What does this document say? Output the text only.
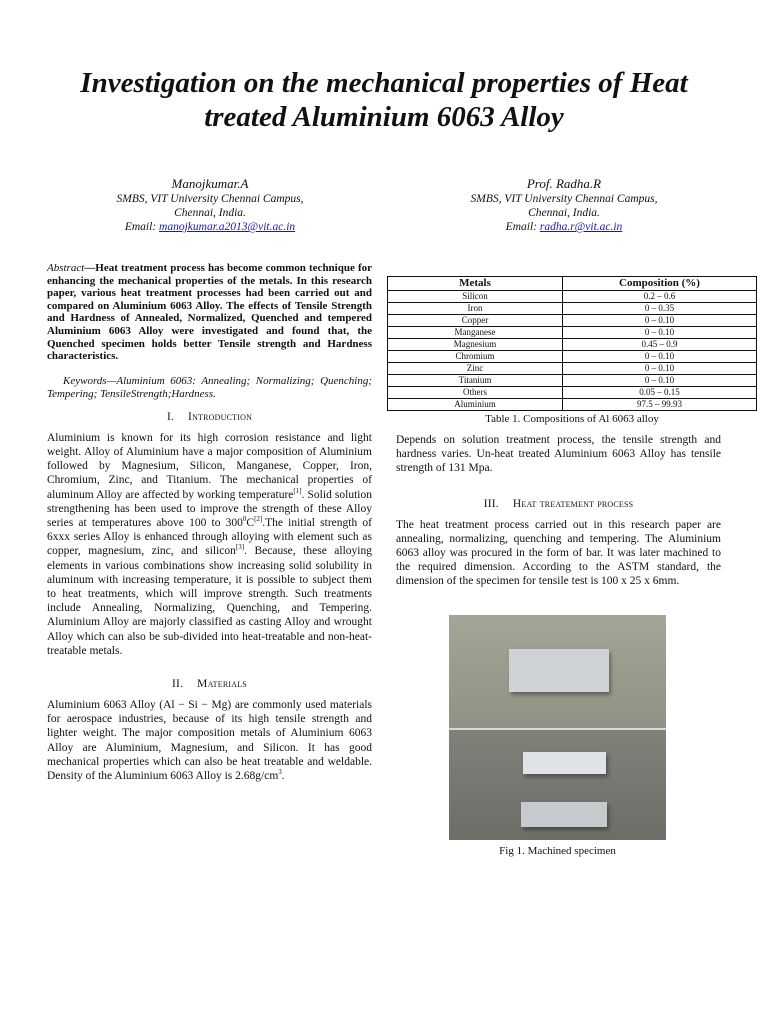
Investigation on the mechanical properties of Heat
treated Aluminium 6063 Alloy
Manojkumar.A
SMBS, VIT University Chennai Campus,
Chennai, India.
Email: manojkumar.a2013@vit.ac.in
Prof. Radha.R
SMBS, VIT University Chennai Campus,
Chennai, India.
Email: radha.r@vit.ac.in

Abstract—Heat treatment process has become common technique for enhancing the mechanical properties of the metals. In this research paper, various heat treatment processes had been carried out and compared on Aluminium 6063 Alloy. The effects of Tensile Strength and Hardness of Annealed, Normalized, Quenched and tempered Aluminium 6063 Alloy were investigated and found that, the Quenched specimen holds better Tensile strength and Hardness characteristics.

Keywords—Aluminium 6063: Annealing; Normalizing; Quenching; Tempering; TensileStrength;Hardness.

I. Introduction

Aluminium is known for its high corrosion resistance and light weight. Alloy of Aluminium have a major composition of Aluminium followed by Magnesium, Silicon, Manganese, Copper, Iron, Chromium, Zinc, and Titanium. The mechanical properties of aluminum Alloy are affected by working temperature[1]. Solid solution strengthening has been used to improve the strength of these Alloy series at temperatures above 100 to $300^0C[2].The$ initial strength of 6xxx series Alloy is enhanced through alloying with element such as copper, magnesium, zinc, and silicon[3]. Because, these alloying elements in various combinations show increasing solid solubility in aluminum with increasing temperature, it is possible to subject them to heat treatments, which will improve strength. Such treatments include Annealing, Normalizing, Quenching, and Tempering. Aluminium Alloy are majorly classified as casting Alloy and wrought Alloy which can also be sub-divided into heat-treatable and non-heat-treatable metals.

II. Materials

Aluminium 6063 Alloy (Al − Si − Mg) are commonly used materials for aerospace industries, because of its high tensile strength and lighter weight. The major composition metals of Aluminium 6063 Alloy are Aluminium, Magnesium, and Silicon. It has good mechanical properties which can also be heat treatable and weldable. Density of the Aluminium 6063 Alloy is $2.68g/cm^3$.

Metals	Composition (%)
Silicon	0.2 – 0.6
Iron	0 – 0.35
Copper	0 – 0.10
Manganese	0 – 0.10
Magnesium	0.45 – 0.9
Chromium	0 – 0.10
Zinc	0 – 0.10
Titanium	0 – 0.10
Others	0.05 – 0.15
Aluminium	97.5 – 99.93
Table 1. Compositions of Al 6063 alloy

Depends on solution treatment process, the tensile strength and hardness varies. Un-heat treated Aluminium 6063 Alloy has tensile strength of 131 Mpa.

III. Heat treatement process

The heat treatment process carried out in this research paper are annealing, normalizing, quenching and tempering. The Aluminium 6063 alloy was procured in the form of bar. It was later machined to the required dimension. According to the ASTM standard, the dimension of the specimen for tensile test is 100 x 25 x 6mm.

Fig 1. Machined specimen
